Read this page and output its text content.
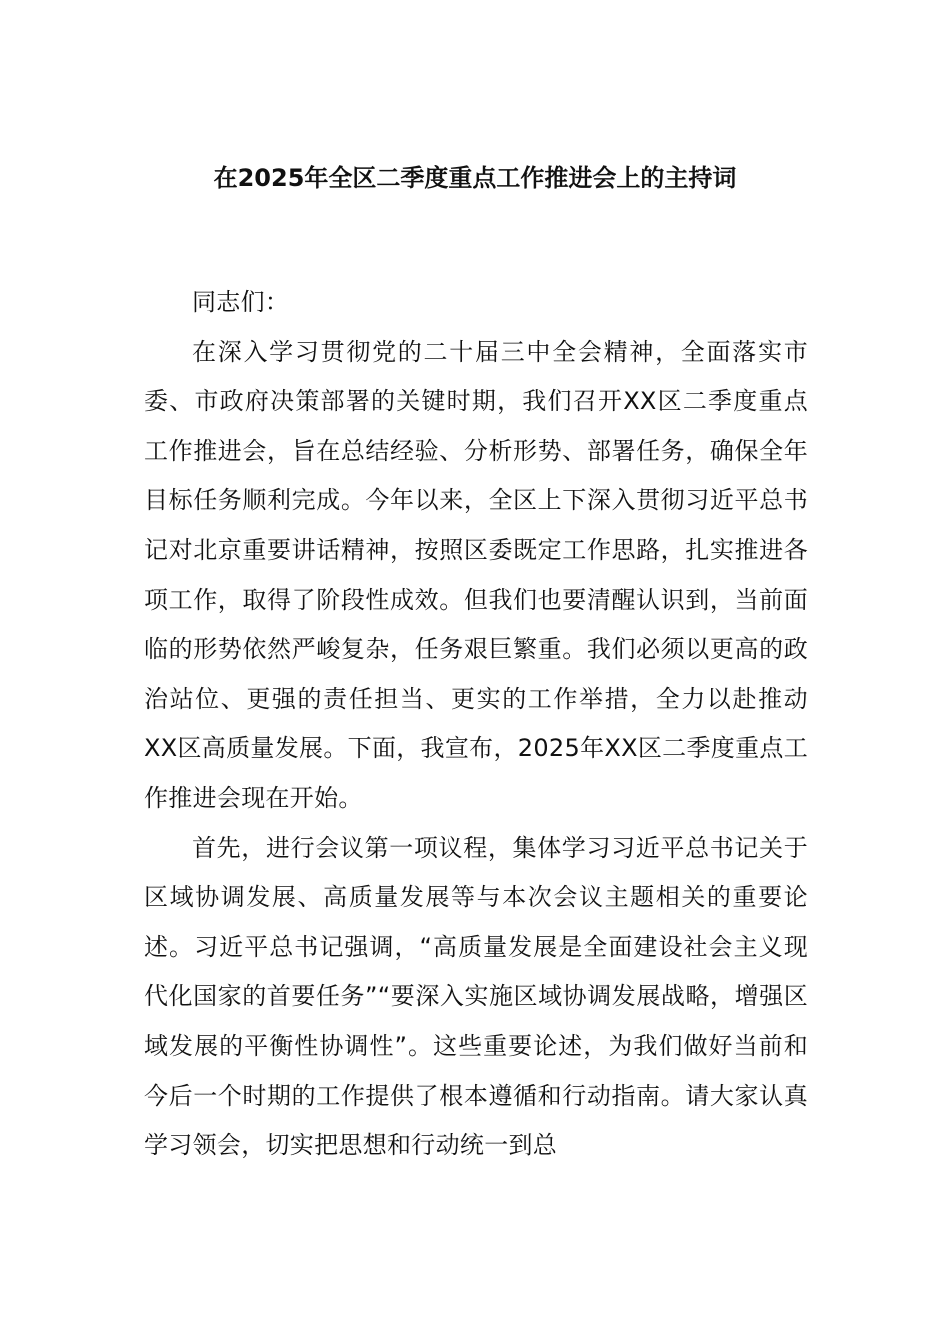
在2025年全区二季度重点工作推进会上的主持词

同志们：

在深入学习贯彻党的二十届三中全会精神，全面落实市委、市政府决策部署的关键时期，我们召开XX区二季度重点工作推进会，旨在总结经验、分析形势、部署任务，确保全年目标任务顺利完成。今年以来，全区上下深入贯彻习近平总书记对北京重要讲话精神，按照区委既定工作思路，扎实推进各项工作，取得了阶段性成效。但我们也要清醒认识到，当前面临的形势依然严峻复杂，任务艰巨繁重。我们必须以更高的政治站位、更强的责任担当、更实的工作举措，全力以赴推动XX区高质量发展。下面，我宣布，2025年XX区二季度重点工作推进会现在开始。

首先，进行会议第一项议程，集体学习习近平总书记关于区域协调发展、高质量发展等与本次会议主题相关的重要论述。习近平总书记强调，“高质量发展是全面建设社会主义现代化国家的首要任务”“要深入实施区域协调发展战略，增强区域发展的平衡性协调性”。这些重要论述，为我们做好当前和今后一个时期的工作提供了根本遵循和行动指南。请大家认真学习领会，切实把思想和行动统一到总
